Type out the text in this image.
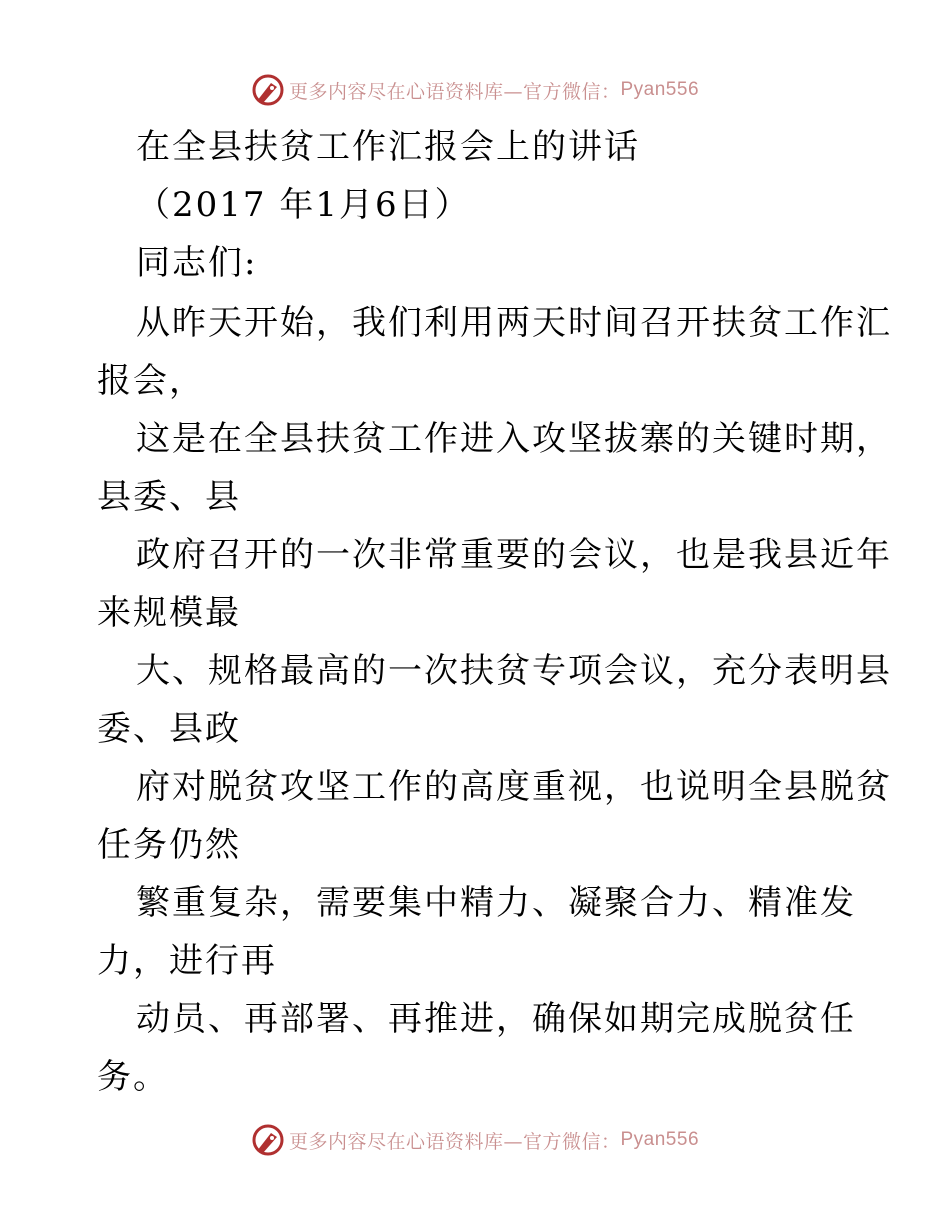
更多内容尽在心语资料库—官方微信： Pyan556
在全县扶贫工作汇报会上的讲话
（2017 年1月6日）
同志们:
从昨天开始，我们利用两天时间召开扶贫工作汇
报会，
这是在全县扶贫工作进入攻坚拔寨的关键时期，
县委、县
政府召开的一次非常重要的会议，也是我县近年
来规模最
大、规格最高的一次扶贫专项会议，充分表明县
委、县政
府对脱贫攻坚工作的高度重视，也说明全县脱贫
任务仍然
繁重复杂，需要集中精力、凝聚合力、精准发
力，进行再
动员、再部署、再推进，确保如期完成脱贫任
务。
更多内容尽在心语资料库—官方微信： Pyan556
